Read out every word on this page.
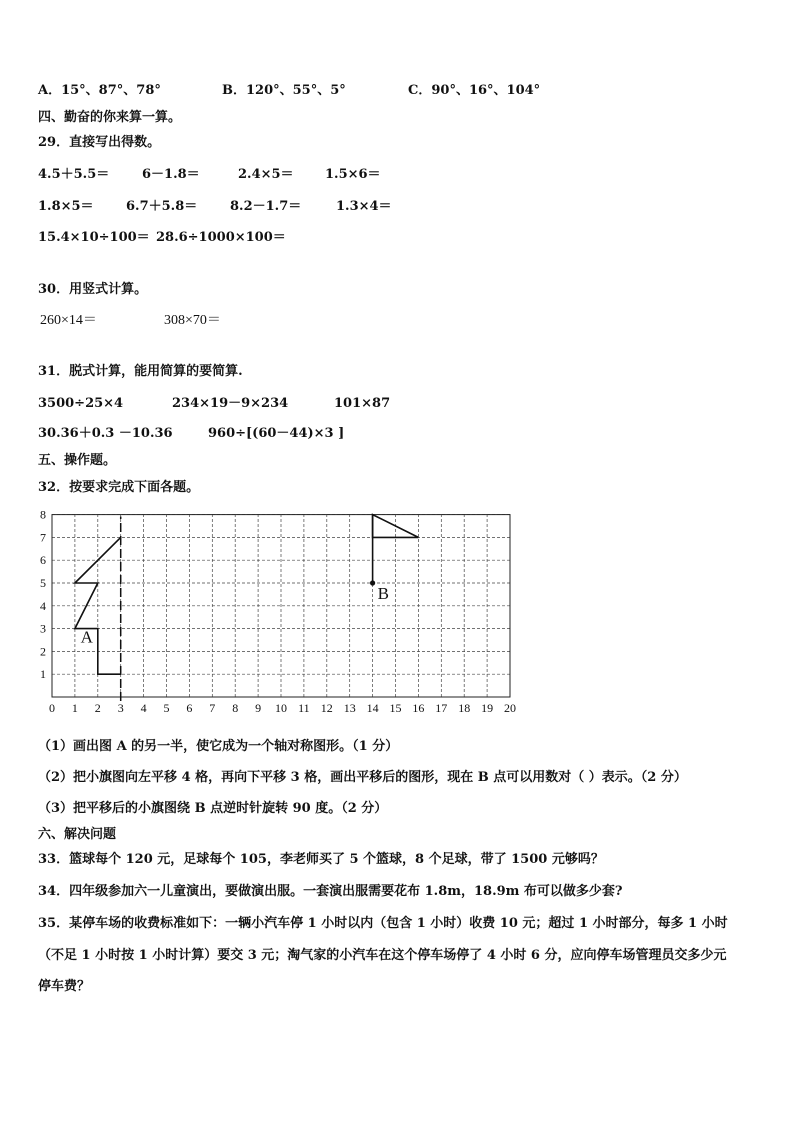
A．15°、87°、78°	B．120°、55°、5°	C．90°、16°、104°
四、勤奋的你来算一算。
29．直接写出得数。
4.5＋5.5＝	6－1.8＝	2.4×5＝ 1.5×6＝
1.8×5＝ 6.7＋5.8＝	8.2－1.7＝	1.3×4＝
15.4×10÷100＝ 28.6÷1000×100＝
30．用竖式计算。
260×14＝	308×70＝
31．脱式计算，能用简算的要简算.
3500÷25×4	234×19－9×234	101×87
30.36＋0.3 －10.36	960÷[(60－44)×3 ]
五、操作题。
32．按要求完成下面各题。
0 1 2 3 4 5 6 7 8 9 10 11 12 13 14 15 16 17 18 19 20
1
2
3
4
5
6
7
8
A
B
（1）画出图 A 的另一半，使它成为一个轴对称图形。（1 分）
（2）把小旗图向左平移 4 格，再向下平移 3 格，画出平移后的图形，现在 B 点可以用数对（ ）表示。（2 分）
（3）把平移后的小旗图绕 B 点逆时针旋转 90 度。（2 分）
六、解决问题
33．篮球每个 120 元，足球每个 105，李老师买了 5 个篮球，8 个足球，带了 1500 元够吗？
34．四年级参加六一儿童演出，要做演出服。一套演出服需要花布 1.8m，18.9m 布可以做多少套?
35．某停车场的收费标准如下：一辆小汽车停 1 小时以内（包含 1 小时）收费 10 元；超过 1 小时部分，每多 1 小时
（不足 1 小时按 1 小时计算）要交 3 元；淘气家的小汽车在这个停车场停了 4 小时 6 分，应向停车场管理员交多少元
停车费？
